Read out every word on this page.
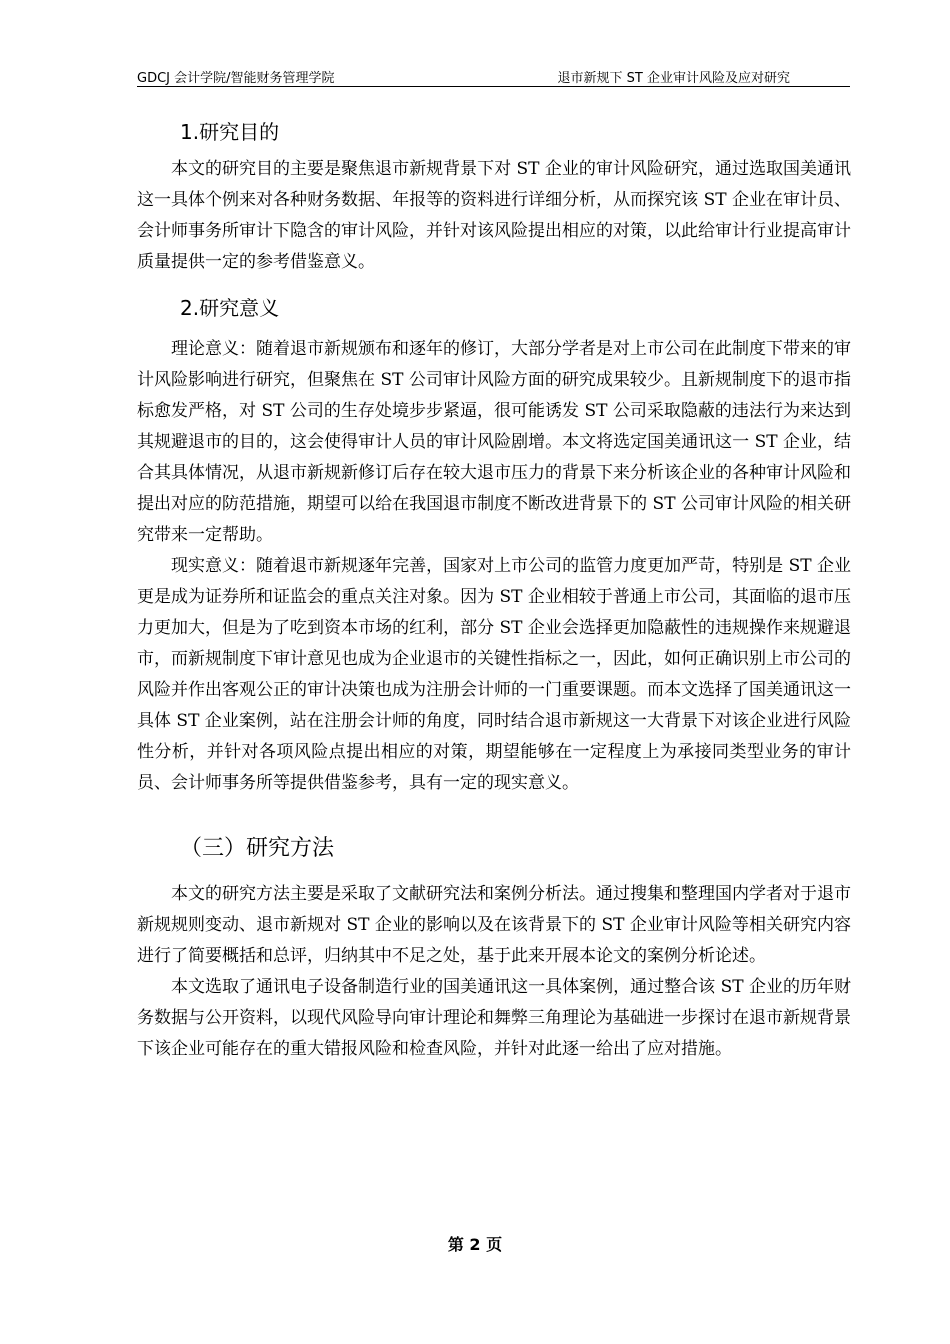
GDCJ 会计学院/智能财务管理学院	退市新规下 ST 企业审计风险及应对研究
1.研究目的

本文的研究目的主要是聚焦退市新规背景下对 ST 企业的审计风险研究，通过选取国美通讯这一具体个例来对各种财务数据、年报等的资料进行详细分析，从而探究该 ST 企业在审计员、会计师事务所审计下隐含的审计风险，并针对该风险提出相应的对策，以此给审计行业提高审计质量提供一定的参考借鉴意义。

2.研究意义

理论意义：随着退市新规颁布和逐年的修订，大部分学者是对上市公司在此制度下带来的审计风险影响进行研究，但聚焦在 ST 公司审计风险方面的研究成果较少。且新规制度下的退市指标愈发严格，对 ST 公司的生存处境步步紧逼，很可能诱发 ST 公司采取隐蔽的违法行为来达到其规避退市的目的，这会使得审计人员的审计风险剧增。本文将选定国美通讯这一 ST 企业，结合其具体情况，从退市新规新修订后存在较大退市压力的背景下来分析该企业的各种审计风险和提出对应的防范措施，期望可以给在我国退市制度不断改进背景下的 ST 公司审计风险的相关研究带来一定帮助。

现实意义：随着退市新规逐年完善，国家对上市公司的监管力度更加严苛，特别是 ST 企业更是成为证券所和证监会的重点关注对象。因为 ST 企业相较于普通上市公司，其面临的退市压力更加大，但是为了吃到资本市场的红利，部分 ST 企业会选择更加隐蔽性的违规操作来规避退市，而新规制度下审计意见也成为企业退市的关键性指标之一，因此，如何正确识别上市公司的风险并作出客观公正的审计决策也成为注册会计师的一门重要课题。而本文选择了国美通讯这一具体 ST 企业案例，站在注册会计师的角度，同时结合退市新规这一大背景下对该企业进行风险性分析，并针对各项风险点提出相应的对策，期望能够在一定程度上为承接同类型业务的审计员、会计师事务所等提供借鉴参考，具有一定的现实意义。

（三）研究方法

本文的研究方法主要是采取了文献研究法和案例分析法。通过搜集和整理国内学者对于退市新规规则变动、退市新规对 ST 企业的影响以及在该背景下的 ST 企业审计风险等相关研究内容进行了简要概括和总评，归纳其中不足之处，基于此来开展本论文的案例分析论述。

本文选取了通讯电子设备制造行业的国美通讯这一具体案例，通过整合该 ST 企业的历年财务数据与公开资料，以现代风险导向审计理论和舞弊三角理论为基础进一步探讨在退市新规背景下该企业可能存在的重大错报风险和检查风险，并针对此逐一给出了应对措施。

第 2 页
